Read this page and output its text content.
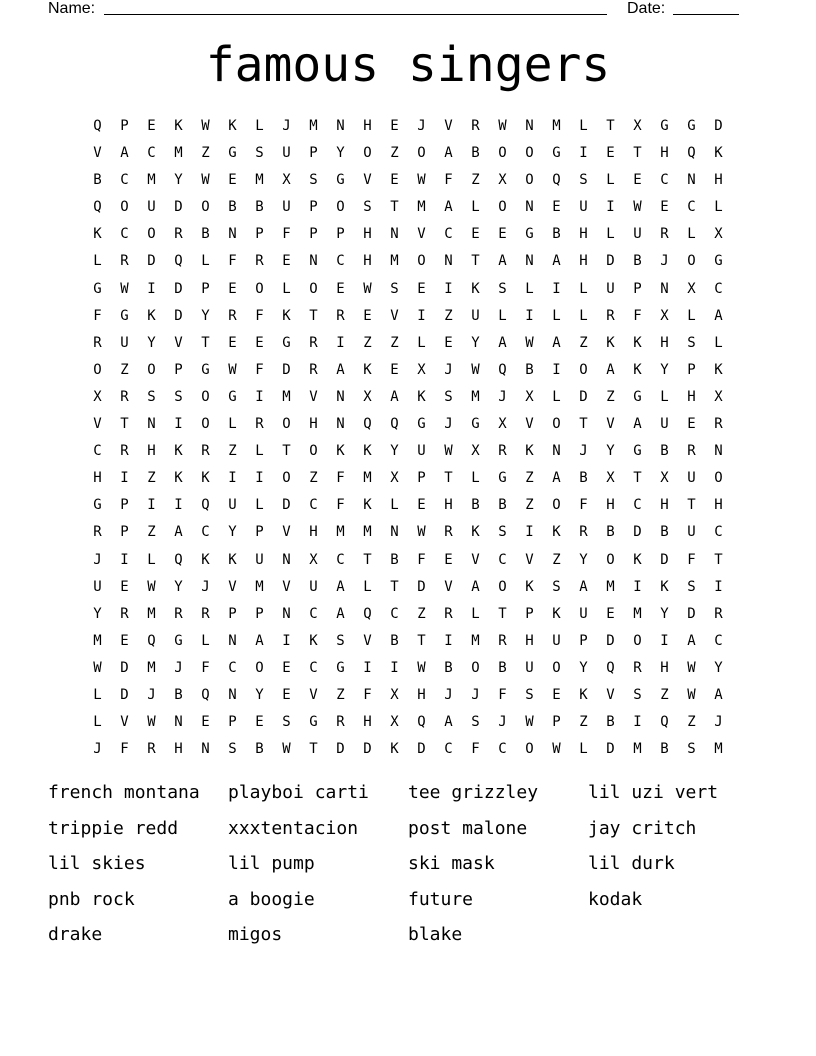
Name:	Date:
famous singers
Q	P	E	K	W	K	L	J	M	N	H	E	J	V	R	W	N	M	L	T	X	G	G	D
V	A	C	M	Z	G	S	U	P	Y	O	Z	O	A	B	O	O	G	I	E	T	H	Q	K
B	C	M	Y	W	E	M	X	S	G	V	E	W	F	Z	X	O	Q	S	L	E	C	N	H
Q	O	U	D	O	B	B	U	P	O	S	T	M	A	L	O	N	E	U	I	W	E	C	L
K	C	O	R	B	N	P	F	P	P	H	N	V	C	E	E	G	B	H	L	U	R	L	X
L	R	D	Q	L	F	R	E	N	C	H	M	O	N	T	A	N	A	H	D	B	J	O	G
G	W	I	D	P	E	O	L	O	E	W	S	E	I	K	S	L	I	L	U	P	N	X	C
F	G	K	D	Y	R	F	K	T	R	E	V	I	Z	U	L	I	L	L	R	F	X	L	A
R	U	Y	V	T	E	E	G	R	I	Z	Z	L	E	Y	A	W	A	Z	K	K	H	S	L
O	Z	O	P	G	W	F	D	R	A	K	E	X	J	W	Q	B	I	O	A	K	Y	P	K
X	R	S	S	O	G	I	M	V	N	X	A	K	S	M	J	X	L	D	Z	G	L	H	X
V	T	N	I	O	L	R	O	H	N	Q	Q	G	J	G	X	V	O	T	V	A	U	E	R
C	R	H	K	R	Z	L	T	O	K	K	Y	U	W	X	R	K	N	J	Y	G	B	R	N
H	I	Z	K	K	I	I	O	Z	F	M	X	P	T	L	G	Z	A	B	X	T	X	U	O
G	P	I	I	Q	U	L	D	C	F	K	L	E	H	B	B	Z	O	F	H	C	H	T	H
R	P	Z	A	C	Y	P	V	H	M	M	N	W	R	K	S	I	K	R	B	D	B	U	C
J	I	L	Q	K	K	U	N	X	C	T	B	F	E	V	C	V	Z	Y	O	K	D	F	T
U	E	W	Y	J	V	M	V	U	A	L	T	D	V	A	O	K	S	A	M	I	K	S	I
Y	R	M	R	R	P	P	N	C	A	Q	C	Z	R	L	T	P	K	U	E	M	Y	D	R
M	E	Q	G	L	N	A	I	K	S	V	B	T	I	M	R	H	U	P	D	O	I	A	C
W	D	M	J	F	C	O	E	C	G	I	I	W	B	O	B	U	O	Y	Q	R	H	W	Y
L	D	J	B	Q	N	Y	E	V	Z	F	X	H	J	J	F	S	E	K	V	S	Z	W	A
L	V	W	N	E	P	E	S	G	R	H	X	Q	A	S	J	W	P	Z	B	I	Q	Z	J
J	F	R	H	N	S	B	W	T	D	D	K	D	C	F	C	O	W	L	D	M	B	S	M
french montana	playboi carti	tee grizzley	lil uzi vert
trippie redd	xxxtentacion	post malone	jay critch
lil skies	lil pump	ski mask	lil durk
pnb rock	a boogie	future	kodak
drake	migos	blake
